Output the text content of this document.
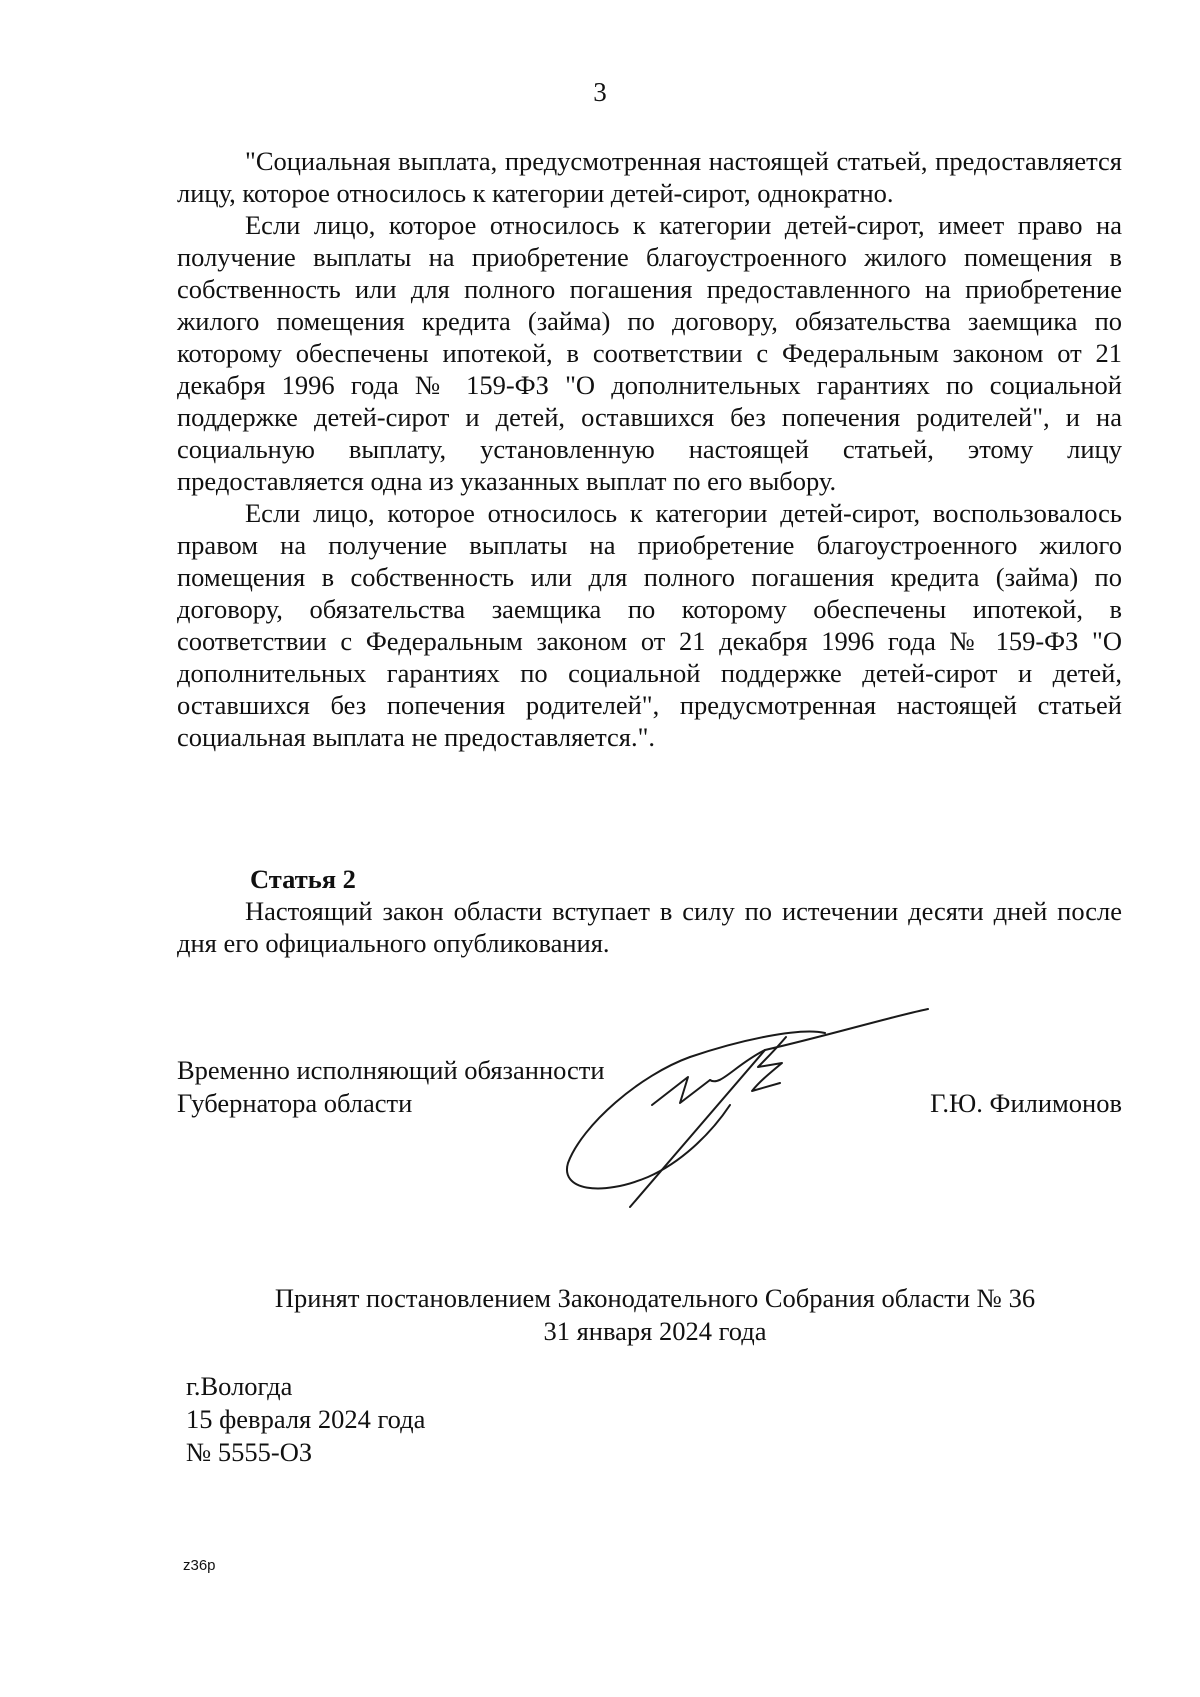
3

"Социальная выплата, предусмотренная настоящей статьей, предоставляется лицу, которое относилось к категории детей-сирот, однократно.

Если лицо, которое относилось к категории детей-сирот, имеет право на получение выплаты на приобретение благоустроенного жилого помещения в собственность или для полного погашения предоставленного на приобретение жилого помещения кредита (займа) по договору, обязательства заемщика по которому обеспечены ипотекой, в соответствии с Федеральным законом от 21 декабря 1996 года № 159-ФЗ "О дополнительных гарантиях по социальной поддержке детей-сирот и детей, оставшихся без попечения родителей", и на социальную выплату, установленную настоящей статьей, этому лицу предоставляется одна из указанных выплат по его выбору.

Если лицо, которое относилось к категории детей-сирот, воспользовалось правом на получение выплаты на приобретение благоустроенного жилого помещения в собственность или для полного погашения кредита (займа) по договору, обязательства заемщика по которому обеспечены ипотекой, в соответствии с Федеральным законом от 21 декабря 1996 года № 159-ФЗ "О дополнительных гарантиях по социальной поддержке детей-сирот и детей, оставшихся без попечения родителей", предусмотренная настоящей статьей социальная выплата не предоставляется.".

Статья 2

Настоящий закон области вступает в силу по истечении десяти дней после дня его официального опубликования.

Временно исполняющий обязанности
Губернатора области	Г.Ю. Филимонов
Принят постановлением Законодательного Собрания области № 36
31 января 2024 года
г.Вологда
15 февраля 2024 года
№ 5555-ОЗ
z36p
